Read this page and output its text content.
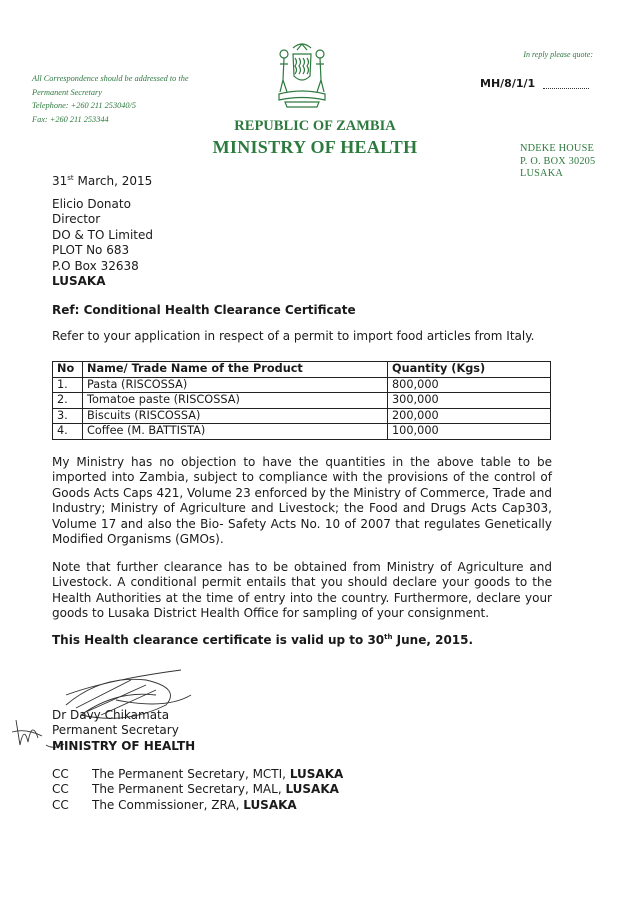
All Correspondence should be addressed to the
Permanent Secretary
Telephone: +260 211 253040/5
Fax: +260 211 253344
In reply please quote:
MH/8/1/1
REPUBLIC OF ZAMBIA
MINISTRY OF HEALTH	NDEKE HOUSE
P. O. BOX 30205
LUSAKA
31st March, 2015
Elicio Donato
Director
DO & TO Limited
PLOT No 683
P.O Box 32638
LUSAKA
Ref: Conditional Health Clearance Certificate
Refer to your application in respect of a permit to import food articles from Italy.
No	Name/ Trade Name of the Product	Quantity (Kgs)
1.	Pasta (RISCOSSA)	800,000
2.	Tomatoe paste (RISCOSSA)	300,000
3.	Biscuits (RISCOSSA)	200,000
4.	Coffee (M. BATTISTA)	100,000
My Ministry has no objection to have the quantities in the above table to be imported into Zambia, subject to compliance with the provisions of the control of Goods Acts Caps 421, Volume 23 enforced by the Ministry of Commerce, Trade and Industry; Ministry of Agriculture and Livestock; the Food and Drugs Acts Cap303, Volume 17 and also the Bio- Safety Acts No. 10 of 2007 that regulates Genetically Modified Organisms (GMOs).
Note that further clearance has to be obtained from Ministry of Agriculture and Livestock. A conditional permit entails that you should declare your goods to the Health Authorities at the time of entry into the country. Furthermore, declare your goods to Lusaka District Health Office for sampling of your consignment.
This Health clearance certificate is valid up to 30th June, 2015.
Dr Davy Chikamata
Permanent Secretary
MINISTRY OF HEALTH
CC	The Permanent Secretary, MCTI, LUSAKA
CC	The Permanent Secretary, MAL, LUSAKA
CC	The Commissioner, ZRA, LUSAKA
